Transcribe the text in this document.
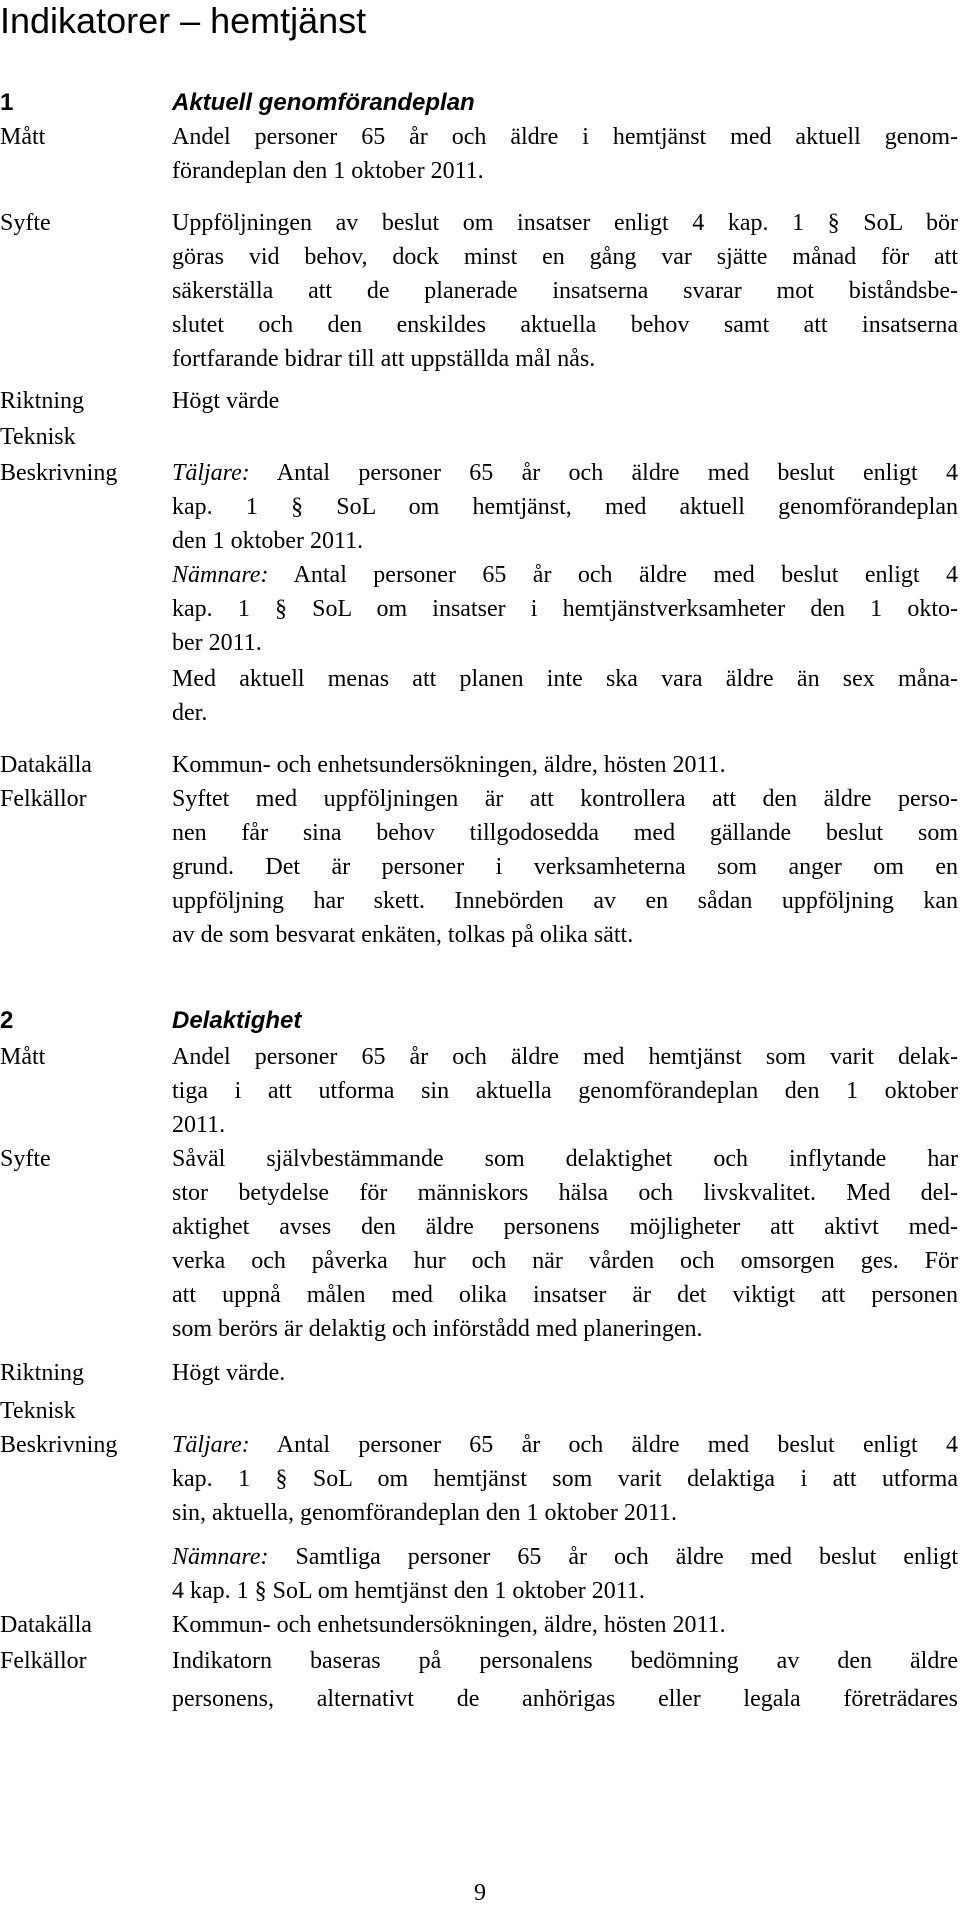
Indikatorer – hemtjänst
1	Aktuell genomförandeplan
Mått	Andel personer 65 år och äldre i hemtjänst med aktuell genom-
förandeplan den 1 oktober 2011.
Syfte	Uppföljningen av beslut om insatser enligt 4 kap. 1 § SoL bör
göras vid behov, dock minst en gång var sjätte månad för att
säkerställa att de planerade insatserna svarar mot biståndsbe-
slutet och den enskildes aktuella behov samt att insatserna
fortfarande bidrar till att uppställda mål nås.
Riktning	Högt värde
Teknisk
Beskrivning Täljare: Antal personer 65 år och äldre med beslut enligt 4
kap. 1 § SoL om hemtjänst, med aktuell genomförandeplan
den 1 oktober 2011.
Nämnare: Antal personer 65 år och äldre med beslut enligt 4
kap. 1 § SoL om insatser i hemtjänstverksamheter den 1 okto-
ber 2011.
Med aktuell menas att planen inte ska vara äldre än sex måna-
der.
Datakälla	Kommun- och enhetsundersökningen, äldre, hösten 2011.
Felkällor	Syftet med uppföljningen är att kontrollera att den äldre perso-
nen får sina behov tillgodosedda med gällande beslut som
grund. Det är personer i verksamheterna som anger om en
uppföljning har skett. Innebörden av en sådan uppföljning kan
av de som besvarat enkäten, tolkas på olika sätt.
2	Delaktighet
Mått	Andel personer 65 år och äldre med hemtjänst som varit delak-
tiga i att utforma sin aktuella genomförandeplan den 1 oktober
2011.
Syfte	Såväl självbestämmande som delaktighet och inflytande har
stor betydelse för människors hälsa och livskvalitet. Med del-
aktighet avses den äldre personens möjligheter att aktivt med-
verka och påverka hur och när vården och omsorgen ges. För
att uppnå målen med olika insatser är det viktigt att personen
som berörs är delaktig och införstådd med planeringen.
Riktning	Högt värde.
Teknisk
Beskrivning Täljare: Antal personer 65 år och äldre med beslut enligt 4
kap. 1 § SoL om hemtjänst som varit delaktiga i att utforma
sin, aktuella, genomförandeplan den 1 oktober 2011.
Nämnare: Samtliga personer 65 år och äldre med beslut enligt
4 kap. 1 § SoL om hemtjänst den 1 oktober 2011.
Datakälla	Kommun- och enhetsundersökningen, äldre, hösten 2011.
Felkällor	Indikatorn baseras på personalens bedömning av den äldre
personens, alternativt de anhörigas eller legala företrädares
9
